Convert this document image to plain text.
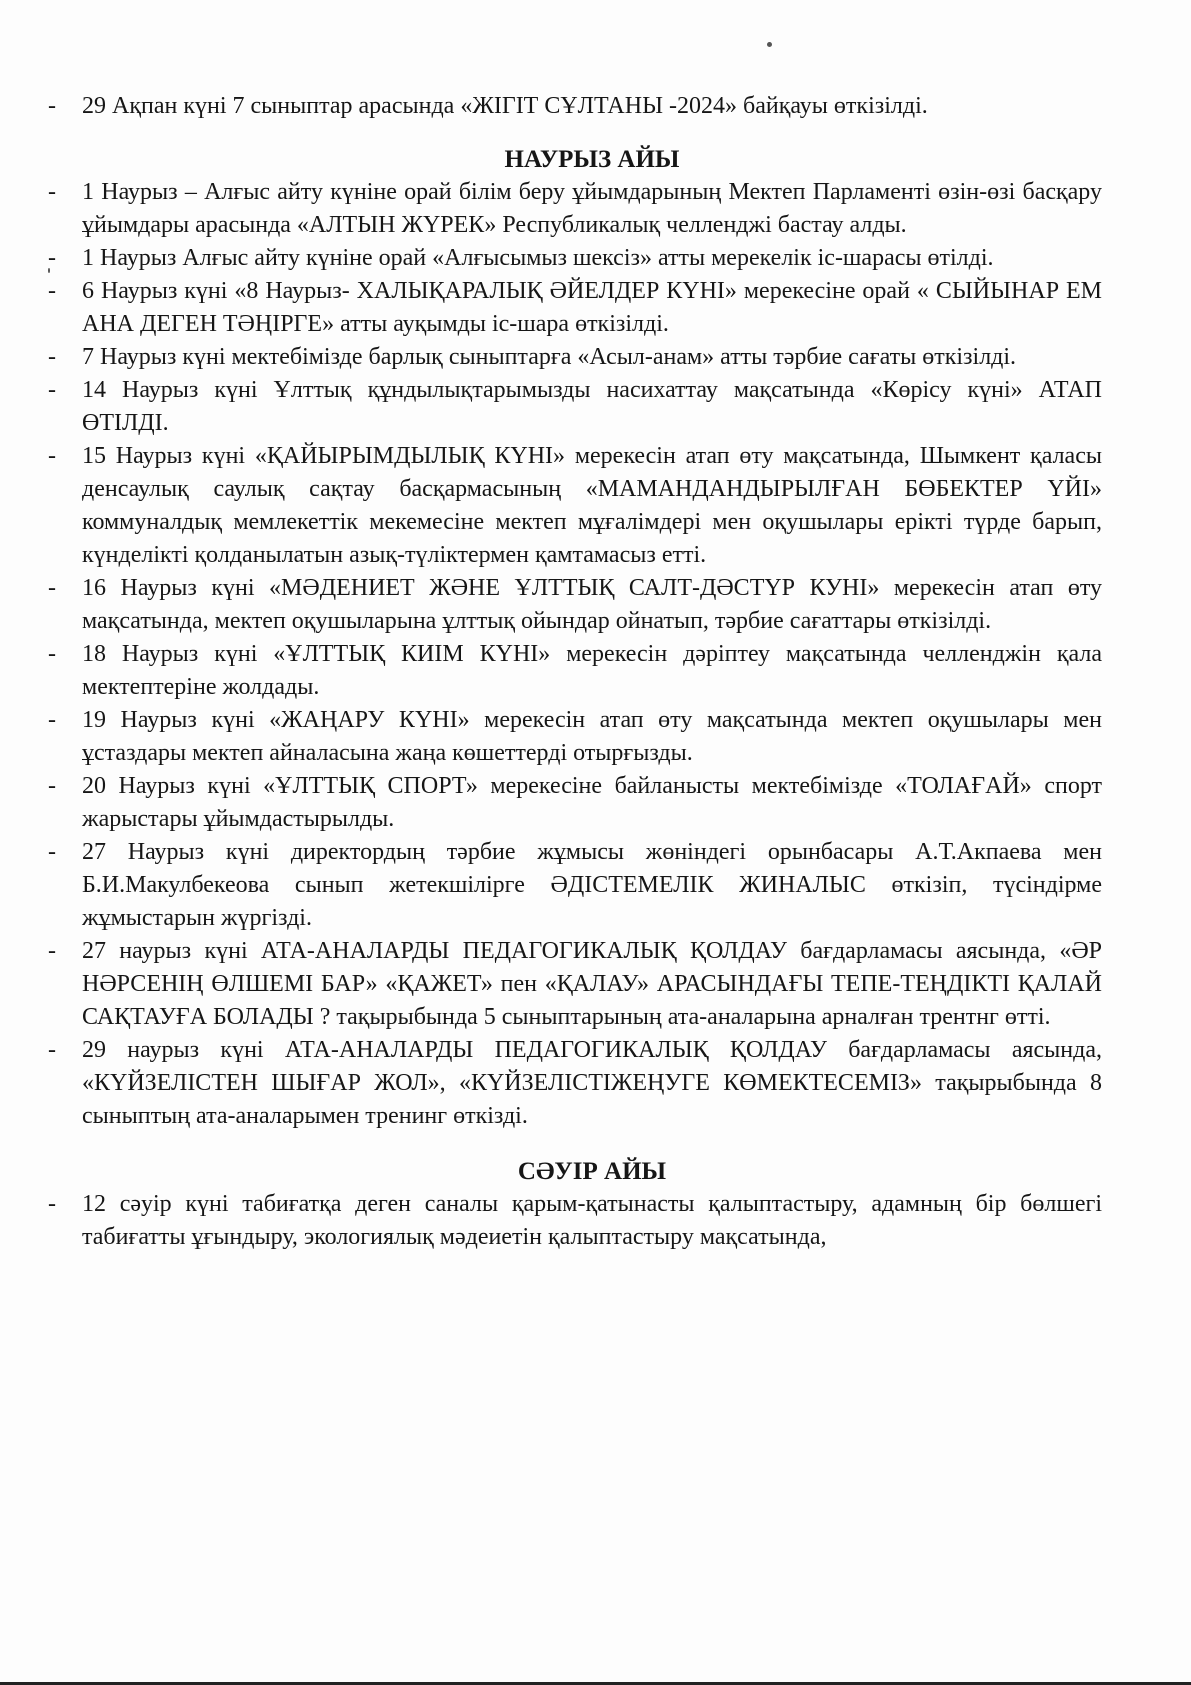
- 29 Ақпан күні 7 сыныптар арасында «ЖІГІТ СҰЛТАНЫ -2024» байқауы өткізілді.

НАУРЫЗ АЙЫ

- 1 Наурыз – Алғыс айту күніне орай білім беру ұйымдарының Мектеп Парламенті өзін-өзі басқару ұйымдары арасында «АЛТЫН ЖҮРЕК» Республикалық челленджі бастау алды.

- 1 Наурыз Алғыс айту күніне орай «Алғысымыз шексіз» атты мерекелік іс-шарасы өтілді.

- 6 Наурыз күні «8 Наурыз- ХАЛЫҚАРАЛЫҚ ӘЙЕЛДЕР КҮНІ» мерекесіне орай « СЫЙЫНАР ЕМ АНА ДЕГЕН ТӘҢІРГЕ» атты ауқымды іс-шара өткізілді.

- 7 Наурыз күні мектебімізде барлық сыныптарға «Асыл-анам» атты тәрбие сағаты өткізілді.

- 14 Наурыз күні Ұлттық құндылықтарымызды насихаттау мақсатында «Көрісу күні» АТАП ӨТІЛДІ.

- 15 Наурыз күні «ҚАЙЫРЫМДЫЛЫҚ КҮНІ» мерекесін атап өту мақсатында, Шымкент қаласы денсаулық саулық сақтау басқармасының «МАМАНДАНДЫРЫЛҒАН БӨБЕКТЕР ҮЙІ» коммуналдық мемлекеттік мекемесіне мектеп мұғалімдері мен оқушылары ерікті түрде барып, күнделікті қолданылатын азық-түліктермен қамтамасыз етті.

- 16 Наурыз күні «МӘДЕНИЕТ ЖӘНЕ ҰЛТТЫҚ САЛТ-ДӘСТҮР КУНІ» мерекесін атап өту мақсатында, мектеп оқушыларына ұлттық ойындар ойнатып, тәрбие сағаттары өткізілді.

- 18 Наурыз күні «ҰЛТТЫҚ КИІМ КҮНІ» мерекесін дәріптеу мақсатында челленджін қала мектептеріне жолдады.

- 19 Наурыз күні «ЖАҢАРУ КҮНІ» мерекесін атап өту мақсатында мектеп оқушылары мен ұстаздары мектеп айналасына жаңа көшеттерді отырғызды.

- 20 Наурыз күні «ҰЛТТЫҚ СПОРТ» мерекесіне байланысты мектебімізде «ТОЛАҒАЙ» спорт жарыстары ұйымдастырылды.

- 27 Наурыз күні директордың тәрбие жұмысы жөніндегі орынбасары А.Т.Акпаева мен Б.И.Макулбекеова сынып жетекшілірге ӘДІСТЕМЕЛІК ЖИНАЛЫС өткізіп, түсіндірме жұмыстарын жүргізді.

- 27 наурыз күні АТА-АНАЛАРДЫ ПЕДАГОГИКАЛЫҚ ҚОЛДАУ бағдарламасы аясында, «ӘР НӘРСЕНІҢ ӨЛШЕМІ БАР» «ҚАЖЕТ» пен «ҚАЛАУ» АРАСЫНДАҒЫ ТЕПЕ-ТЕҢДІКТІ ҚАЛАЙ САҚТАУҒА БОЛАДЫ ? тақырыбында 5 сыныптарының ата-аналарына арналған трентнг өтті.

- 29 наурыз күні АТА-АНАЛАРДЫ ПЕДАГОГИКАЛЫҚ ҚОЛДАУ бағдарламасы аясында, «КҮЙЗЕЛІСТЕН ШЫҒАР ЖОЛ», «КҮЙЗЕЛІСТІЖЕҢУГЕ КӨМЕКТЕСЕМІЗ» тақырыбында 8 сыныптың ата-аналарымен тренинг өткізді.

СӘУІР АЙЫ

- 12 сәуір күні табиғатқа деген саналы қарым-қатынасты қалыптастыру, адамның бір бөлшегі табиғатты ұғындыру, экологиялық мәдеиетін қалыптастыру мақсатында,
